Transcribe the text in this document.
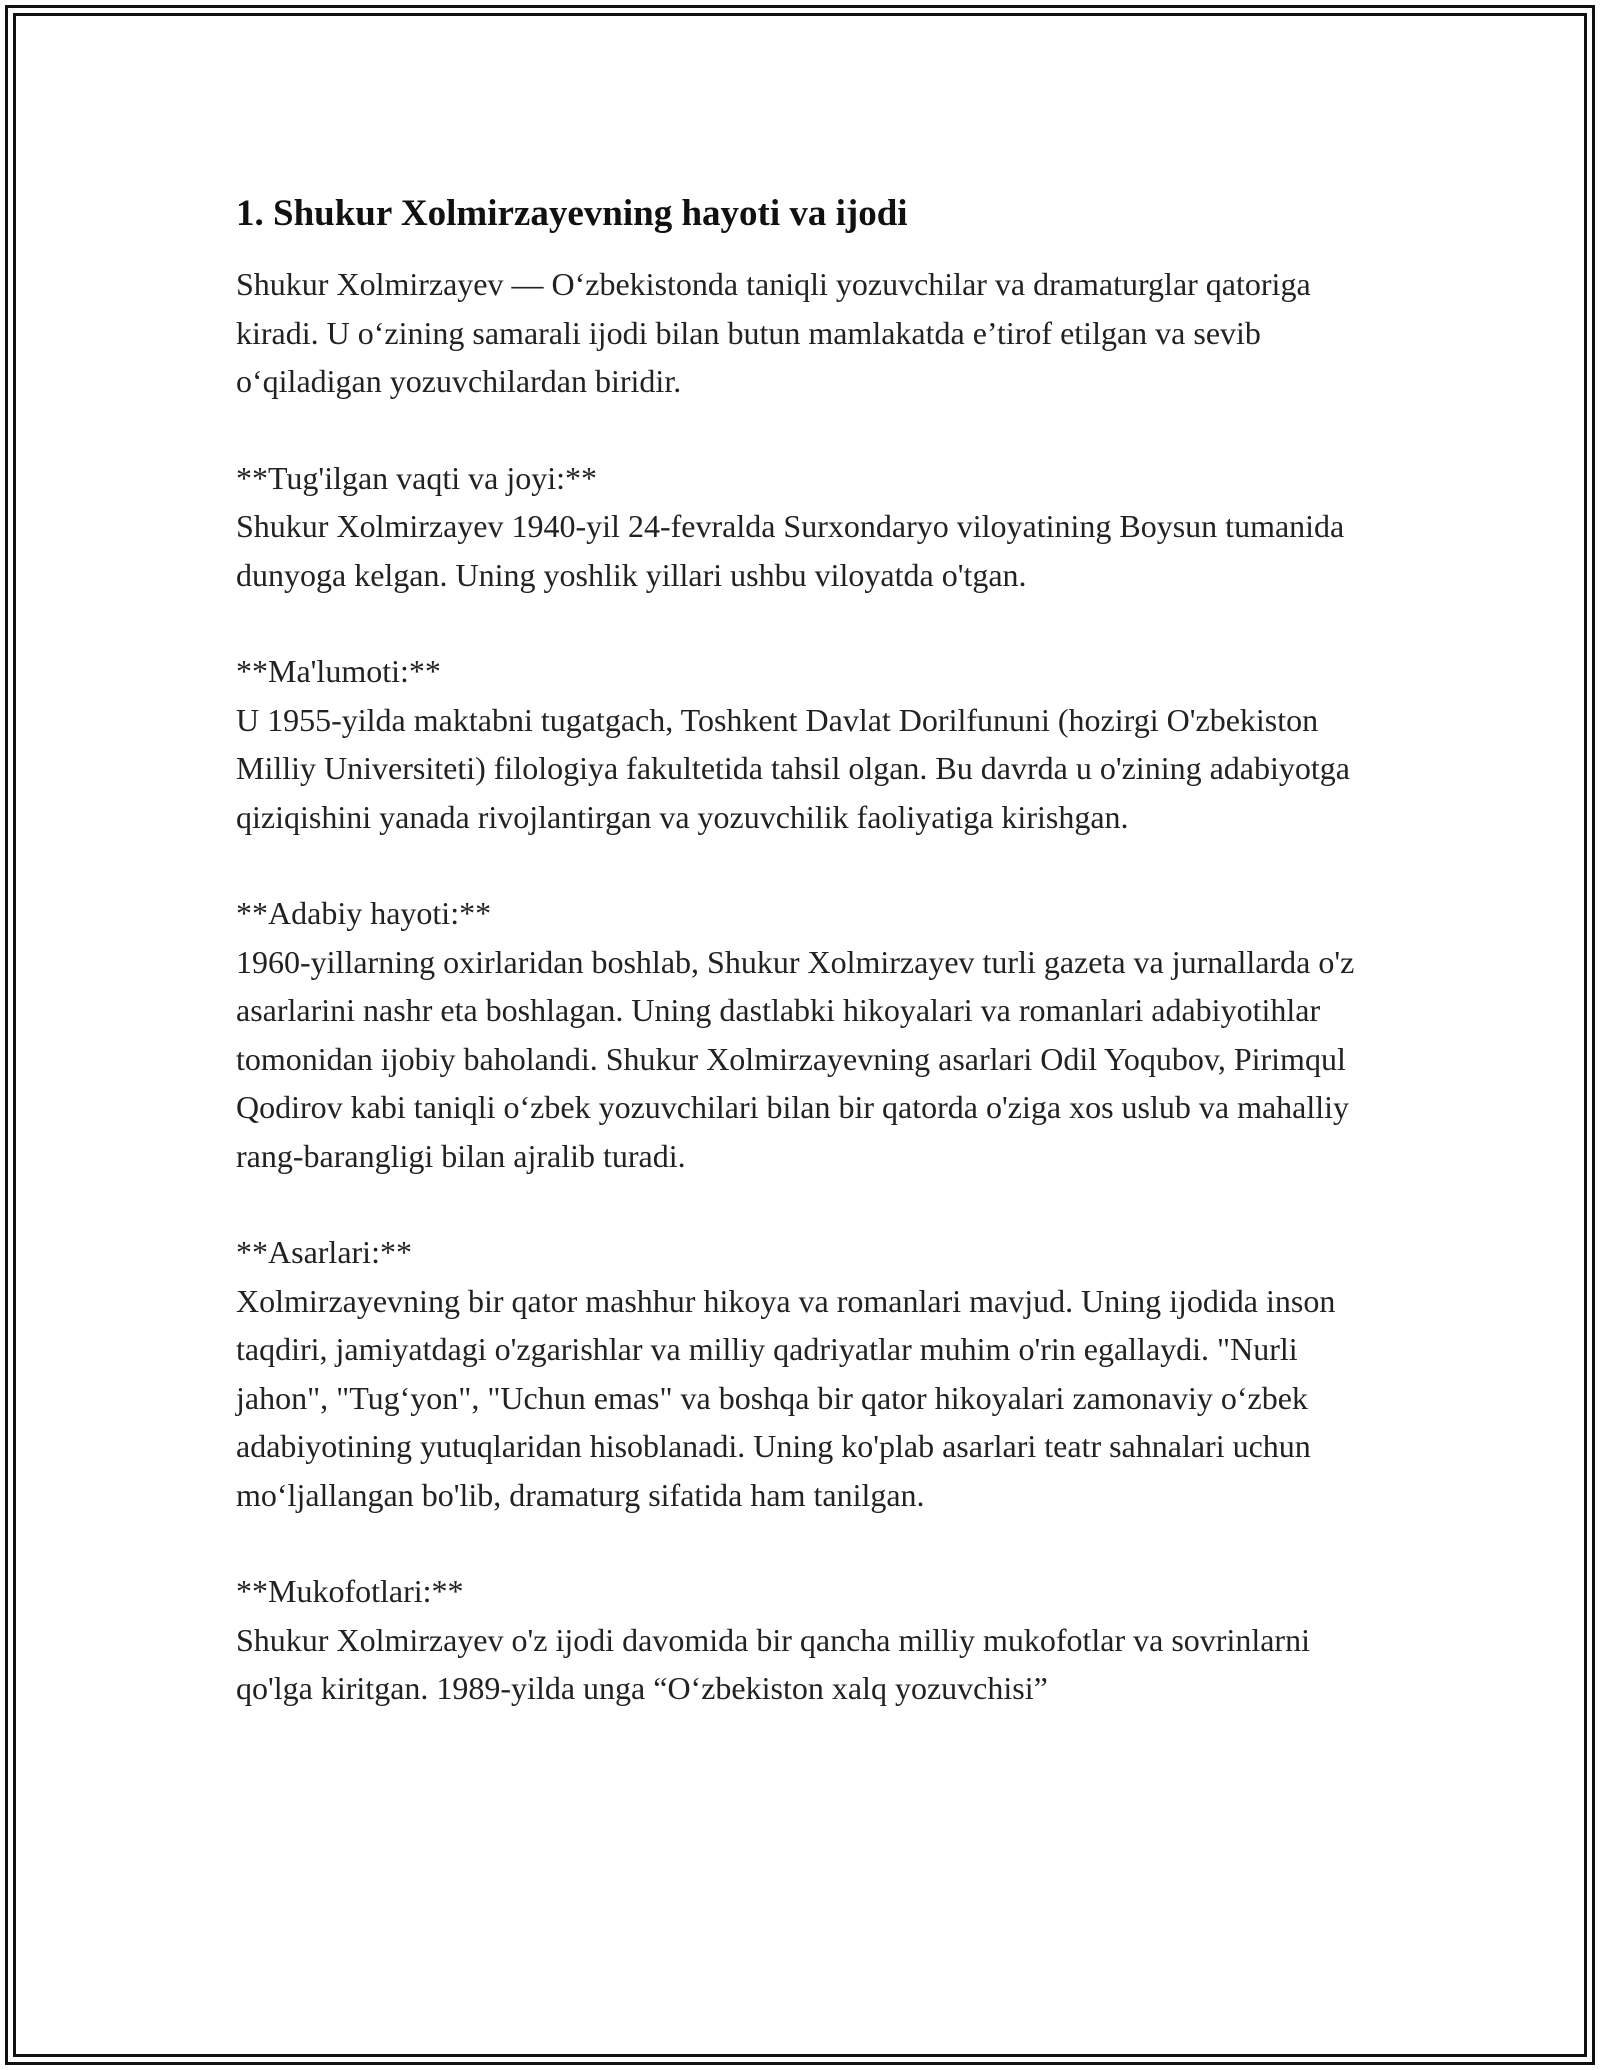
1. Shukur Xolmirzayevning hayoti va ijodi

Shukur Xolmirzayev — O‘zbekistonda taniqli yozuvchilar va dramaturglar qatoriga kiradi. U o‘zining samarali ijodi bilan butun mamlakatda e’tirof etilgan va sevib o‘qiladigan yozuvchilardan biridir.

**Tug'ilgan vaqti va joyi:**

Shukur Xolmirzayev 1940-yil 24-fevralda Surxondaryo viloyatining Boysun tumanida dunyoga kelgan. Uning yoshlik yillari ushbu viloyatda o'tgan.

**Ma'lumoti:**

U 1955-yilda maktabni tugatgach, Toshkent Davlat Dorilfununi (hozirgi O'zbekiston Milliy Universiteti) filologiya fakultetida tahsil olgan. Bu davrda u o'zining adabiyotga qiziqishini yanada rivojlantirgan va yozuvchilik faoliyatiga kirishgan.

**Adabiy hayoti:**

1960-yillarning oxirlaridan boshlab, Shukur Xolmirzayev turli gazeta va jurnallarda o'z asarlarini nashr eta boshlagan. Uning dastlabki hikoyalari va romanlari adabiyotihlar tomonidan ijobiy baholandi. Shukur Xolmirzayevning asarlari Odil Yoqubov, Pirimqul Qodirov kabi taniqli o‘zbek yozuvchilari bilan bir qatorda o'ziga xos uslub va mahalliy rang-barangligi bilan ajralib turadi.

**Asarlari:**

Xolmirzayevning bir qator mashhur hikoya va romanlari mavjud. Uning ijodida inson taqdiri, jamiyatdagi o'zgarishlar va milliy qadriyatlar muhim o'rin egallaydi. "Nurli jahon", "Tug‘yon", "Uchun emas" va boshqa bir qator hikoyalari zamonaviy o‘zbek adabiyotining yutuqlaridan hisoblanadi. Uning ko'plab asarlari teatr sahnalari uchun mo‘ljallangan bo'lib, dramaturg sifatida ham tanilgan.

**Mukofotlari:**

Shukur Xolmirzayev o'z ijodi davomida bir qancha milliy mukofotlar va sovrinlarni qo'lga kiritgan. 1989-yilda unga “O‘zbekiston xalq yozuvchisi”
